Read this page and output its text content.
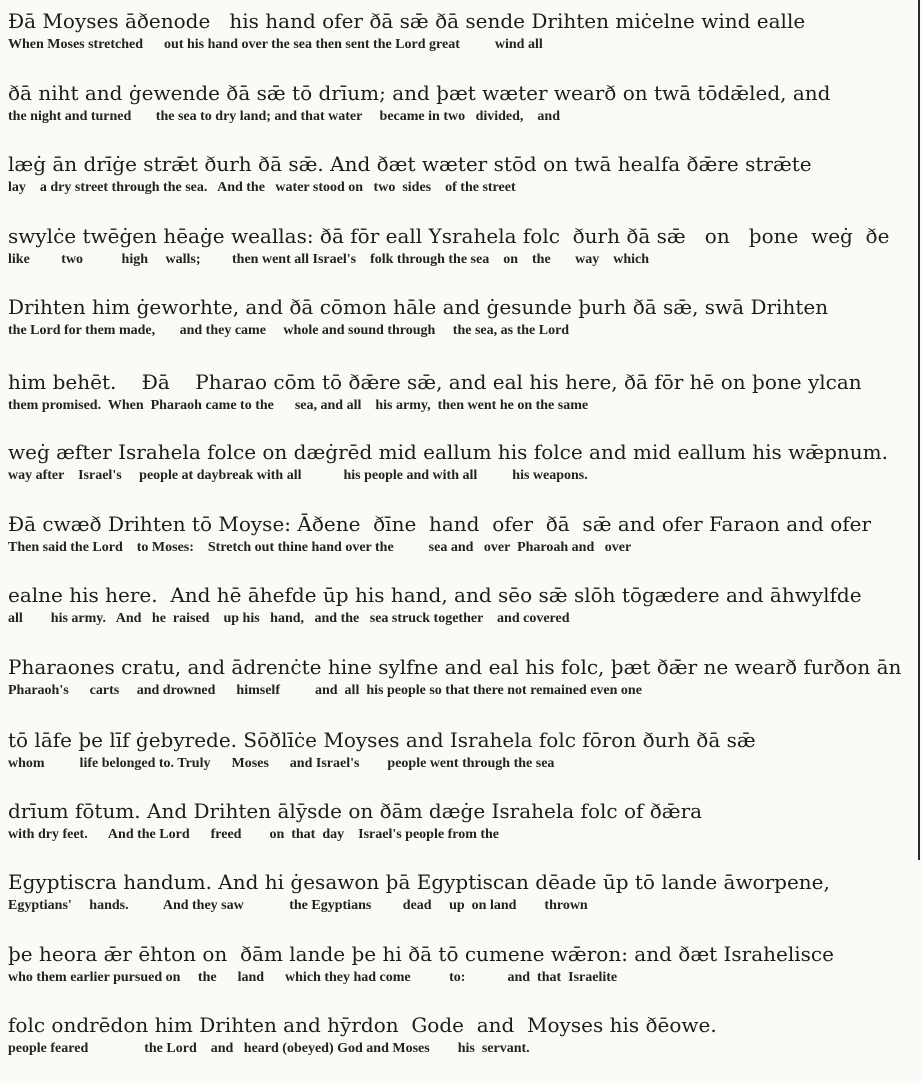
Ðā Moyses āðenode   his hand ofer ðā sǣ ðā sende Drihten miċelne wind ealle
When Moses stretched      out his hand over the sea then sent the Lord great          wind all
ðā niht and ġewende ðā sǣ tō drīum; and þæt wæter wearð on twā tōdǣled, and
the night and turned       the sea to dry land; and that water     became in two   divided,    and
læġ ān drīġe strǣt ðurh ðā sǣ. And ðæt wæter stōd on twā healfa ðǣre strǣte
lay    a dry street through the sea.   And the   water stood on   two  sides    of the street
swylċe twēġen hēaġe weallas: ðā fōr eall Ysrahela folc  ðurh ðā sǣ   on   þone  weġ  ðe
like         two           high     walls;         then went all Israel's    folk through the sea    on    the       way    which
Drihten him ġeworhte, and ðā cōmon hāle and ġesunde þurh ðā sǣ, swā Drihten
the Lord for them made,       and they came     whole and sound through     the sea, as the Lord
him behēt.    Ðā    Pharao cōm tō ðǣre sǣ, and eal his here, ðā fōr hē on þone ylcan
them promised.  When  Pharaoh came to the      sea, and all    his army,  then went he on the same
weġ æfter Israhela folce on dæġrēd mid eallum his folce and mid eallum his wǣpnum.
way after    Israel's     people at daybreak with all            his people and with all          his weapons.
Ðā cwæð Drihten tō Moyse: Āðene  ðīne  hand  ofer  ðā  sǣ and ofer Faraon and ofer
Then said the Lord    to Moses:    Stretch out thine hand over the          sea and   over  Pharoah and   over
ealne his here.  And hē āhefde ūp his hand, and sēo sǣ slōh tōgædere and āhwylfde
all        his army.   And   he  raised    up his   hand,   and the   sea struck together    and covered
Pharaones cratu, and ādrenċte hine sylfne and eal his folc, þæt ðǣr ne wearð furðon ān
Pharaoh's      carts     and drowned      himself          and  all  his people so that there not remained even one
tō lāfe þe līf ġebyrede. Sōðlīċe Moyses and Israhela folc fōron ðurh ðā sǣ
whom          life belonged to. Truly      Moses      and Israel's        people went through the sea
drīum fōtum. And Drihten ālȳsde on ðām dæġe Israhela folc of ðǣra
with dry feet.      And the Lord      freed        on  that  day    Israel's people from the
Egyptiscra handum. And hi ġesawon þā Egyptiscan dēade ūp tō lande āworpene,
Egyptians'     hands.          And they saw             the Egyptians         dead     up  on land        thrown
þe heora ǣr ēhton on  ðām lande þe hi ðā tō cumene wǣron: and ðæt Israhelisce
who them earlier pursued on     the      land      which they had come           to:            and  that  Israelite
folc ondrēdon him Drihten and hȳrdon  Gode  and  Moyses his ðēowe.
people feared                the Lord    and   heard (obeyed) God and Moses        his  servant.
